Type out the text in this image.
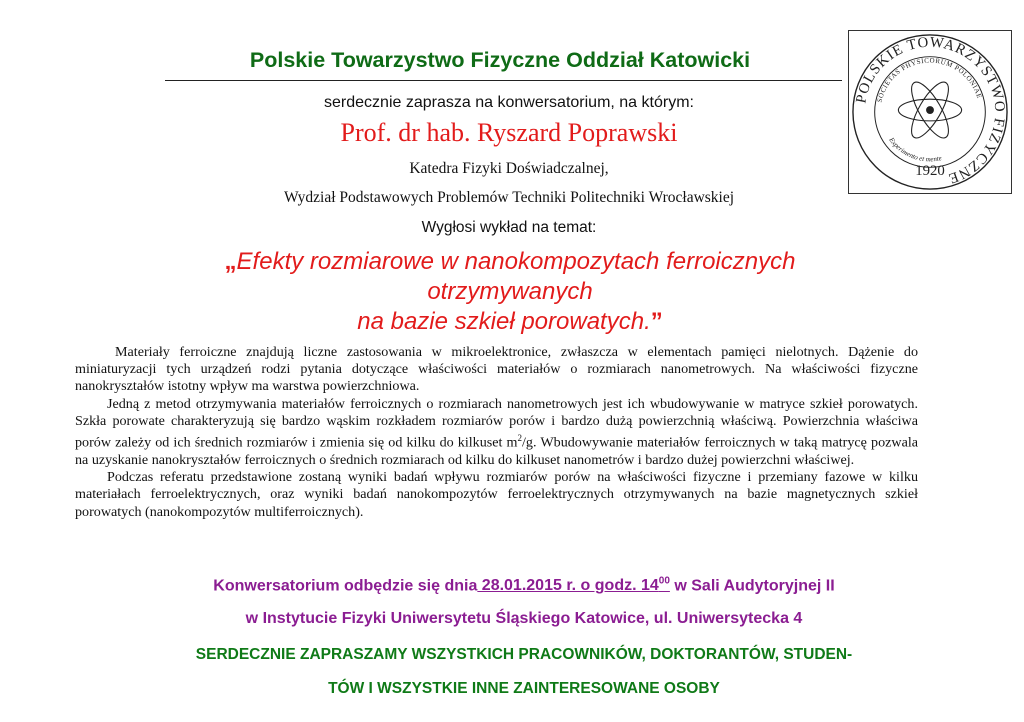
Polskie Towarzystwo Fizyczne Oddział Katowicki
POLSKIE TOWARZYSTWO FIZYCZNE
SOCIETAS PHYSICORUM POLONIAE
Experimento et mente
1920
serdecznie zaprasza na konwersatorium, na którym:
Prof. dr hab. Ryszard Poprawski
Katedra Fizyki Doświadczalnej,
Wydział Podstawowych Problemów Techniki Politechniki Wrocławskiej
Wygłosi wykład na temat:
„Efekty rozmiarowe w nanokompozytach ferroicznych
otrzymywanych
na bazie szkieł porowatych.”

Materiały ferroiczne znajdują liczne zastosowania w mikroelektronice, zwłaszcza w elementach pamięci nielotnych. Dążenie do miniaturyzacji tych urządzeń rodzi pytania dotyczące właściwości materiałów o rozmiarach nanometrowych. Na właściwości fizyczne nanokryształów istotny wpływ ma warstwa powierzchniowa.

Jedną z metod otrzymywania materiałów ferroicznych o rozmiarach nanometrowych jest ich wbudowywanie w matryce szkieł porowatych. Szkła porowate charakteryzują się bardzo wąskim rozkładem rozmiarów porów i bardzo dużą powierzchnią właściwą. Powierzchnia właściwa porów zależy od ich średnich rozmiarów i zmienia się od kilku do kilkuset $m^2/g$. Wbudowywanie materiałów ferroicznych w taką matrycę pozwala na uzyskanie nanokryształów ferroicznych o średnich rozmiarach od kilku do kilkuset nanometrów i bardzo dużej powierzchni właściwej.

Podczas referatu przedstawione zostaną wyniki badań wpływu rozmiarów porów na właściwości fizyczne i przemiany fazowe w kilku materiałach ferroelektrycznych, oraz wyniki badań nanokompozytów ferroelektrycznych otrzymywanych na bazie magnetycznych szkieł porowatych (nanokompozytów multiferroicznych).

Konwersatorium odbędzie się dnia 28.01.2015 r. o godz. $14^{00}$ w Sali Audytoryjnej II
w Instytucie Fizyki Uniwersytetu Śląskiego Katowice, ul. Uniwersytecka 4
SERDECZNIE ZAPRASZAMY WSZYSTKICH PRACOWNIKÓW, DOKTORANTÓW, STUDEN-
TÓW I WSZYSTKIE INNE ZAINTERESOWANE OSOBY
